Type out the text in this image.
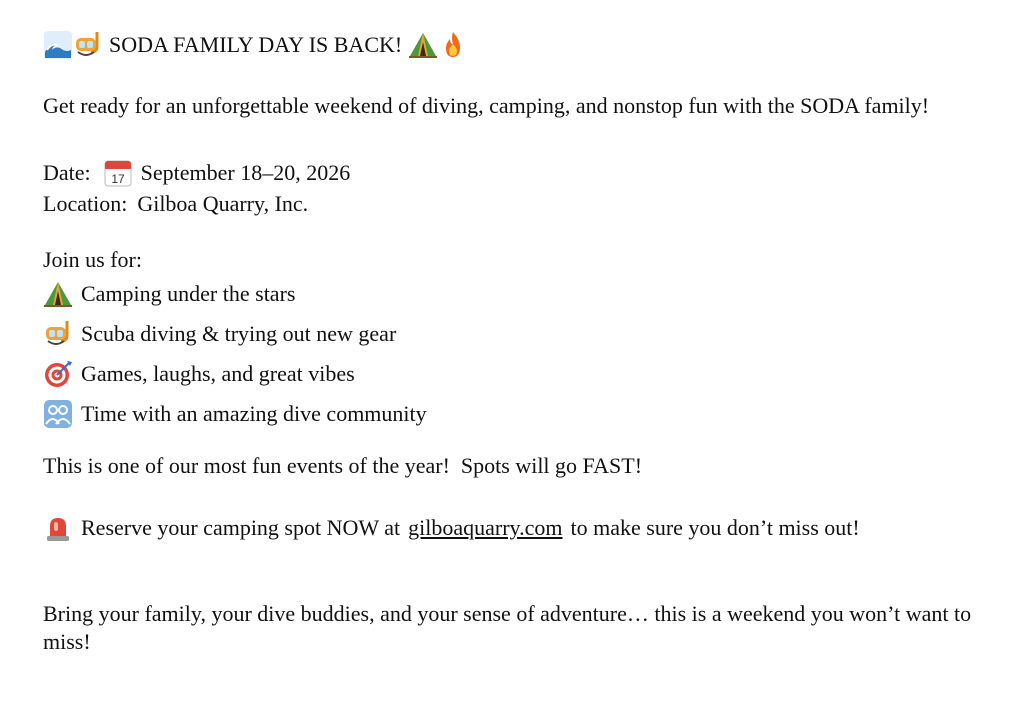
SODA FAMILY DAY IS BACK!
Get ready for an unforgettable weekend of diving, camping, and nonstop fun with the SODA family!
Date: 17 September 18–20, 2026
Location: Gilboa Quarry, Inc.
Join us for:
Camping under the stars
Scuba diving & trying out new gear
Games, laughs, and great vibes
Time with an amazing dive community
This is one of our most fun events of the year!  Spots will go FAST!
Reserve your camping spot NOW at gilboaquarry.com to make sure you don’t miss out!
Bring your family, your dive buddies, and your sense of adventure… this is a weekend you won’t want to miss!
